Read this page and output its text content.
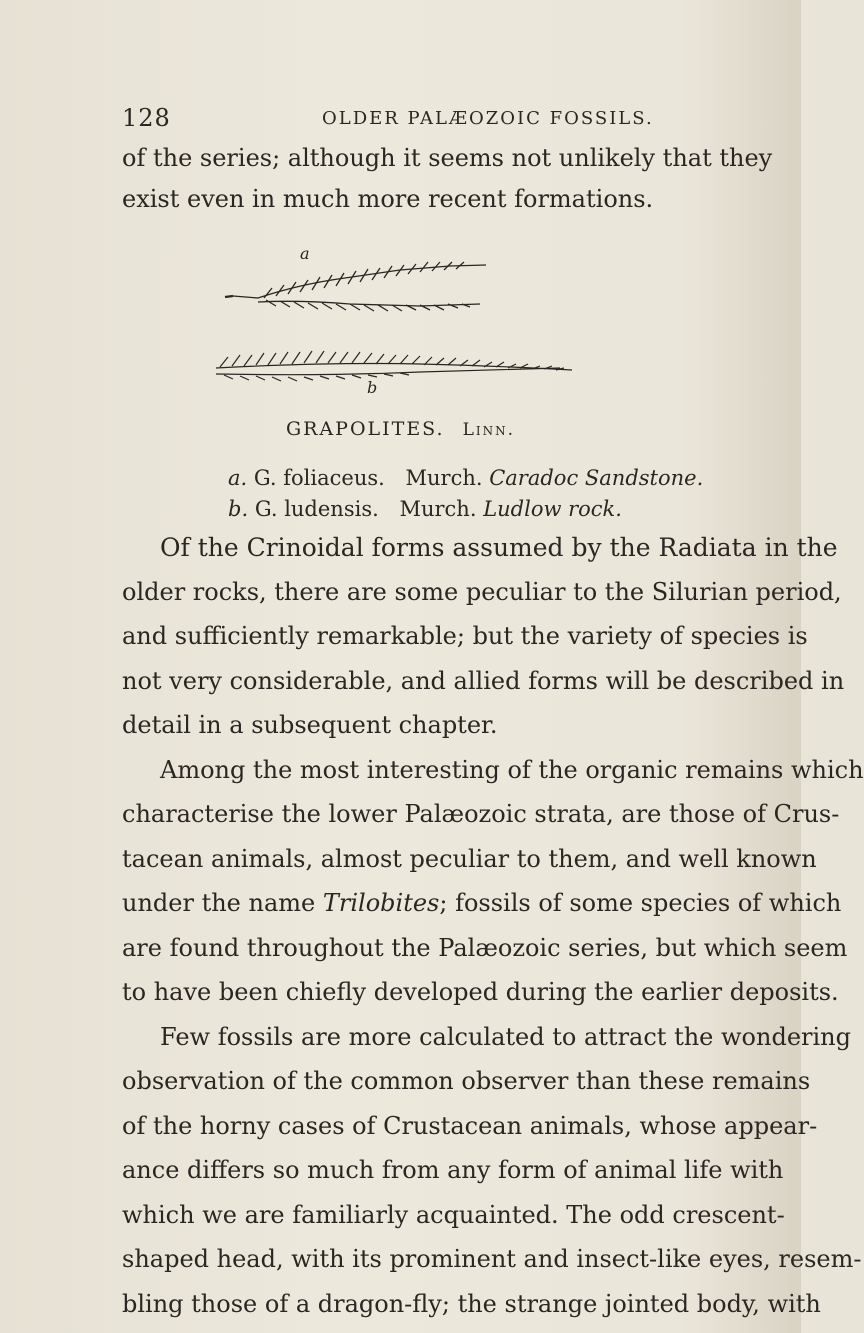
128	OLDER PALÆOZOIC FOSSILS.
of the series; although it seems not unlikely that they
exist even in much more recent formations.
a
b
GRAPOLITES. Linn.
a. G. foliaceus. Murch. Caradoc Sandstone.
b. G. ludensis. Murch. Ludlow rock.
Of the Crinoidal forms assumed by the Radiata in the
older rocks, there are some peculiar to the Silurian period,
and sufficiently remarkable; but the variety of species is
not very considerable, and allied forms will be described in
detail in a subsequent chapter.
Among the most interesting of the organic remains which
characterise the lower Palæozoic strata, are those of Crus-
tacean animals, almost peculiar to them, and well known
under the name Trilobites; fossils of some species of which
are found throughout the Palæozoic series, but which seem
to have been chiefly developed during the earlier deposits.
Few fossils are more calculated to attract the wondering
observation of the common observer than these remains
of the horny cases of Crustacean animals, whose appear-
ance differs so much from any form of animal life with
which we are familiarly acquainted. The odd crescent-
shaped head, with its prominent and insect-like eyes, resem-
bling those of a dragon-fly; the strange jointed body, with
